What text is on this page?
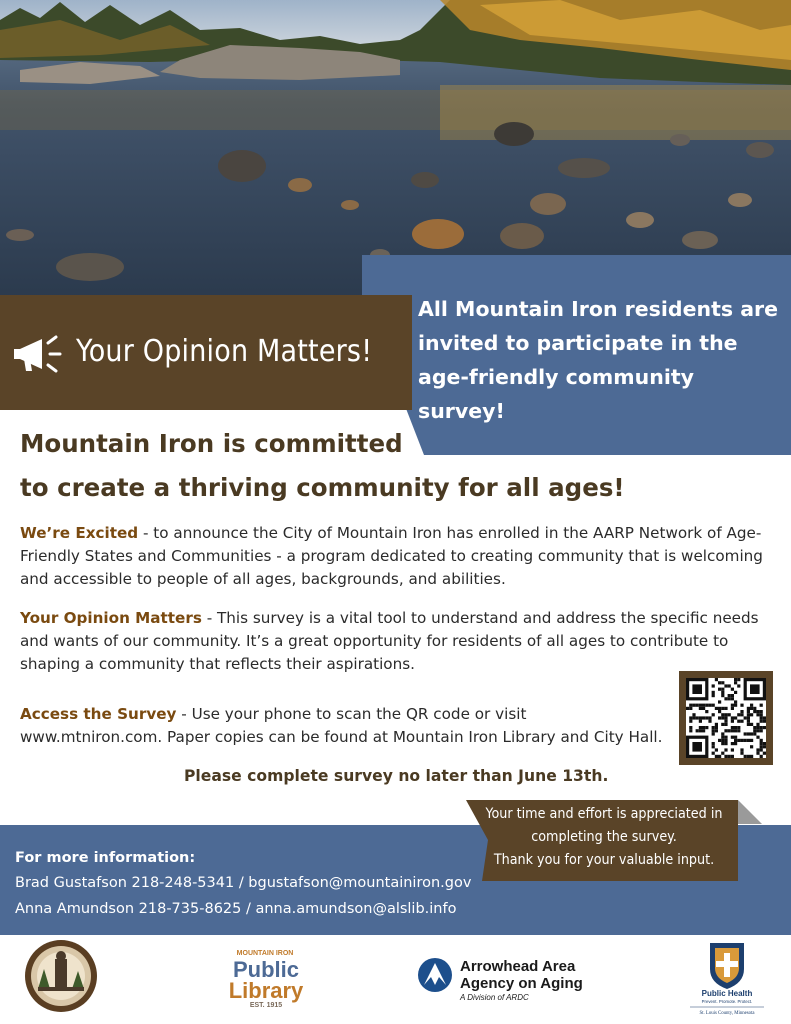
All Mountain Iron residents are
invited to participate in the
age-friendly community survey!
Your Opinion Matters!
Mountain Iron is committed
to create a thriving community for all ages!

We’re Excited - to announce the City of Mountain Iron has enrolled in the AARP Network of Age-Friendly States and Communities - a program dedicated to creating community that is welcoming and accessible to people of all ages, backgrounds, and abilities.

Your Opinion Matters - This survey is a vital tool to understand and address the specific needs and wants of our community. It’s a great opportunity for residents of all ages to contribute to shaping a community that reflects their aspirations.

Access the Survey - Use your phone to scan the QR code or visit www.mtniron.com. Paper copies can be found at Mountain Iron Library and City Hall.

Please complete survey no later than June 13th.
For more information:
Brad Gustafson 218-248-5341 / bgustafson@mountainiron.gov
Anna Amundson 218-735-8625 / anna.amundson@alslib.info
Your time and effort is appreciated in
completing the survey.
Thank you for your valuable input.
MOUNTAIN IRON
Public
Library
EST. 1915
Arrowhead Area
Agency on Aging
A Division of ARDC	Public Health
Prevent. Promote. Protect.
St. Louis County, Minnesota
